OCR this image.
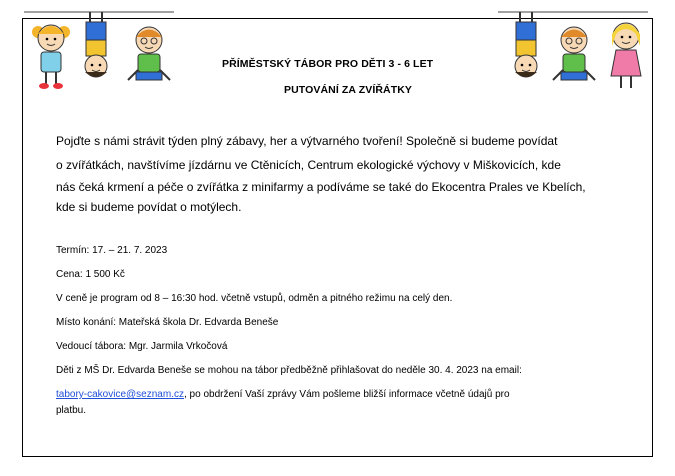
PŘÍMĚSTSKÝ TÁBOR PRO DĚTI 3 - 6 LET
PUTOVÁNÍ ZA ZVÍŘÁTKY
Pojďte s námi strávit týden plný zábavy, her a výtvarného tvoření! Společně si budeme povídat
o zvířátkách, navštívíme jízdárnu ve Ctěnicích, Centrum ekologické výchovy v Miškovicích, kde
nás čeká krmení a péče o zvířátka z minifarmy a podíváme se také do Ekocentra Prales ve Kbelích,
kde si budeme povídat o motýlech.
Termín: 17. – 21. 7. 2023
Cena: 1 500 Kč
V ceně je program od 8 – 16:30 hod. včetně vstupů, odměn a pitného režimu na celý den.
Místo konání: Mateřská škola Dr. Edvarda Beneše
Vedoucí tábora: Mgr. Jarmila Vrkočová
Děti z MŠ Dr. Edvarda Beneše se mohou na tábor předběžně přihlašovat do neděle 30. 4. 2023 na email:
tabory-cakovice@seznam.cz, po obdržení Vaší zprávy Vám pošleme bližší informace včetně údajů pro
platbu.
